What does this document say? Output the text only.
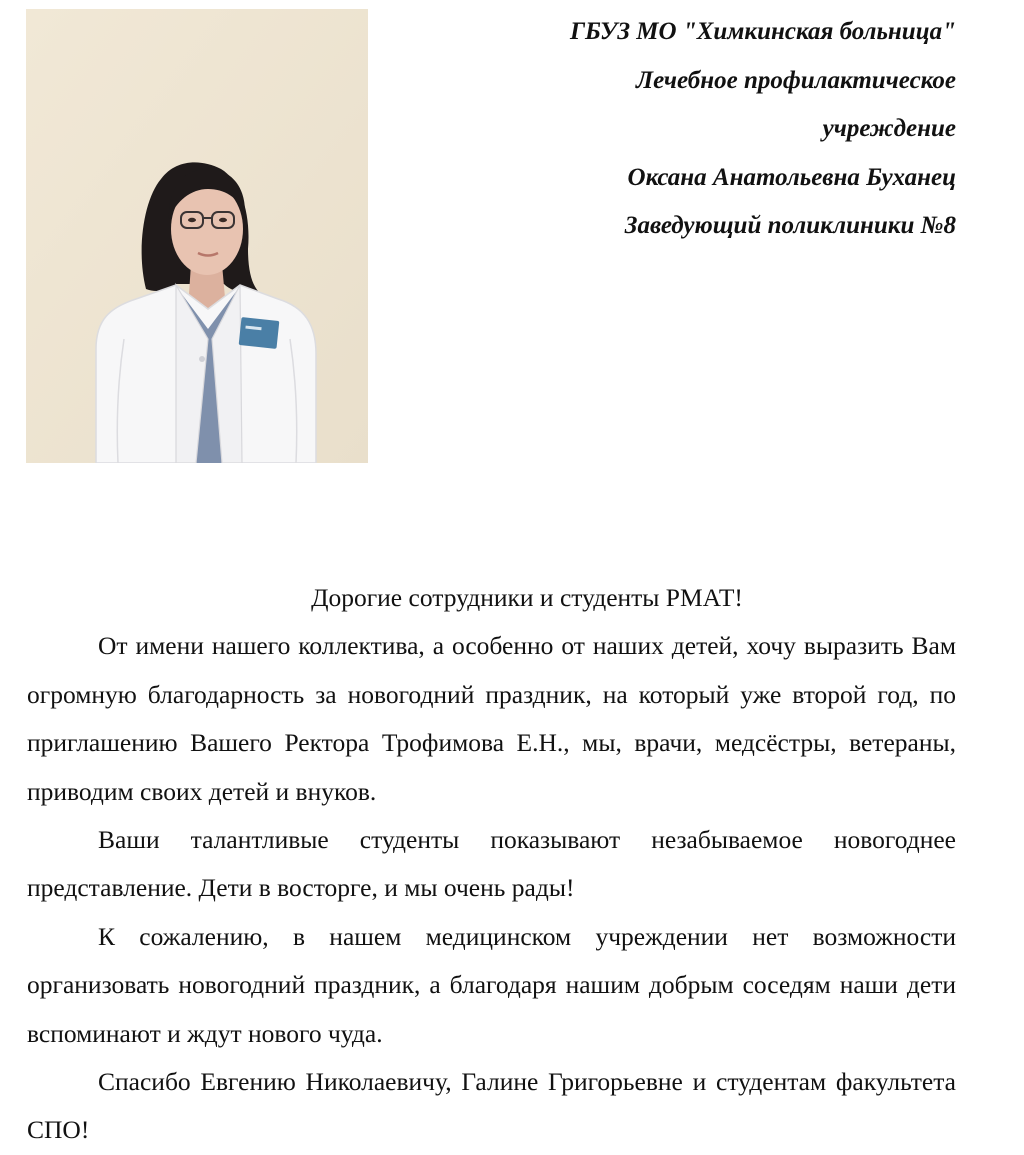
ГБУЗ МО "Химкинская больница"
Лечебное профилактическое
учреждение
Оксана Анатольевна Буханец
Заведующий поликлиники №8

Дорогие сотрудники и студенты РМАТ!

От имени нашего коллектива, а особенно от наших детей, хочу выразить Вам огромную благодарность за новогодний праздник, на который уже второй год, по приглашению Вашего Ректора Трофимова Е.Н., мы, врачи, медсёстры, ветераны, приводим своих детей и внуков.

Ваши талантливые студенты показывают незабываемое новогоднее представление. Дети в восторге, и мы очень рады!

К сожалению, в нашем медицинском учреждении нет возможности организовать новогодний праздник, а благодаря нашим добрым соседям наши дети вспоминают и ждут нового чуда.

Спасибо Евгению Николаевичу, Галине Григорьевне и студентам факультета СПО!
